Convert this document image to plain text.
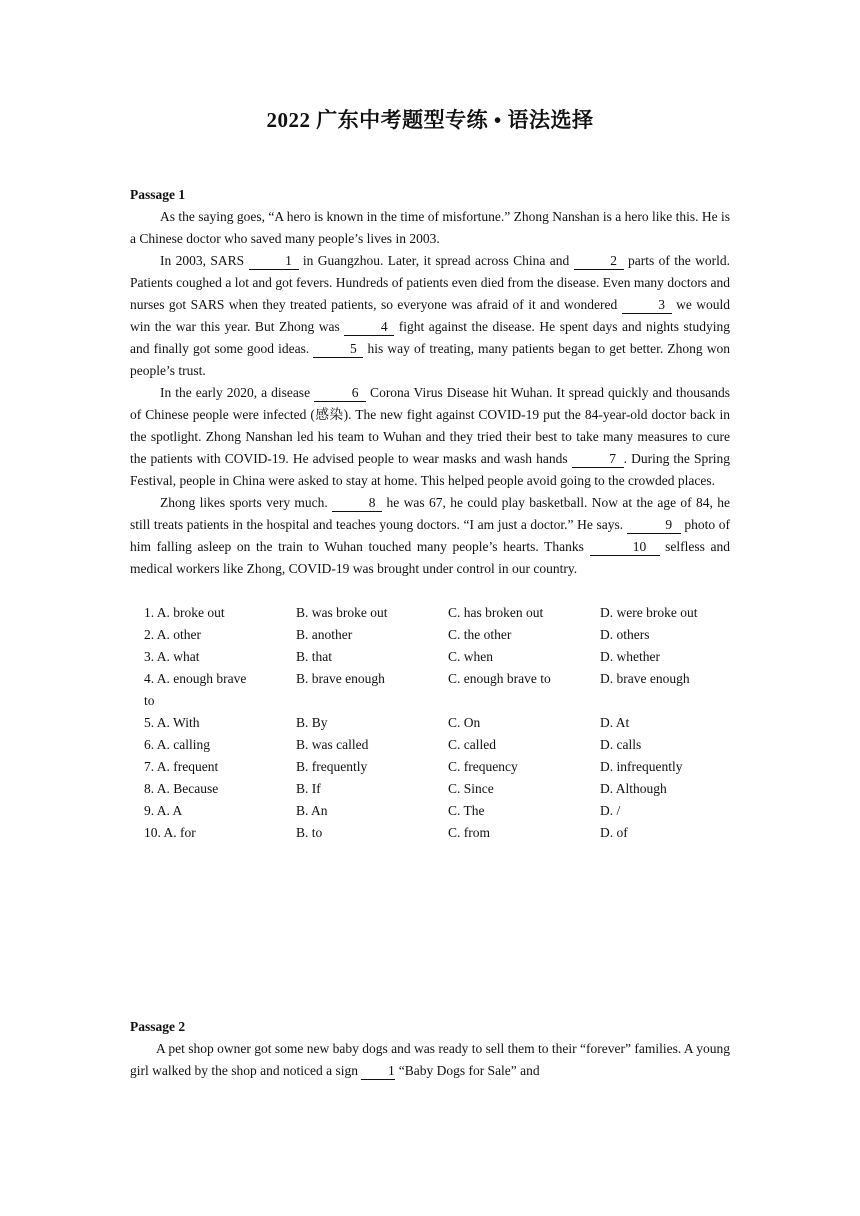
2022 广东中考题型专练 • 语法选择
Passage 1

As the saying goes, “A hero is known in the time of misfortune.” Zhong Nanshan is a hero like this. He is a Chinese doctor who saved many people’s lives in 2003.

In 2003, SARS	1 in Guangzhou. Later, it spread across China and	2 parts of the world. Patients coughed a lot and got fevers. Hundreds of patients even died from the disease. Even many doctors and nurses got SARS when they treated patients, so everyone was afraid of it and wondered	3 we would win the war this year. But Zhong was	4 fight against the disease. He spent days and nights studying and finally got some good ideas.	5 his way of treating, many patients began to get better. Zhong won people’s trust.

In the early 2020, a disease	6 Corona Virus Disease hit Wuhan. It spread quickly and thousands of Chinese people were infected (感染). The new fight against COVID-19 put the 84-year-old doctor back in the spotlight. Zhong Nanshan led his team to Wuhan and they tried their best to take many measures to cure the patients with COVID-19. He advised people to wear masks and wash hands	7 . During the Spring Festival, people in China were asked to stay at home. This helped people avoid going to the crowded places.

Zhong likes sports very much.	8 he was 67, he could play basketball. Now at the age of 84, he still treats patients in the hospital and teaches young doctors. “I am just a doctor.” He says.	9 photo of him falling asleep on the train to Wuhan touched many people’s hearts. Thanks	10 selfless and medical workers like Zhong, COVID-19 was brought under control in our country.

1. A. broke out	B. was broke out	C. has broken out	D. were broke out
2. A. other	B. another	C. the other	D. others
3. A. what	B. that	C. when	D. whether
4. A. enough brave	B. brave enough	C. enough brave to	D. brave enough
to
5. A. With	B. By	C. On	D. At
6. A. calling	B. was called	C. called	D. calls
7. A. frequent	B. frequently	C. frequency	D. infrequently
8. A. Because	B. If	C. Since	D. Although
9. A. A	B. An	C. The	D. /
10. A. for	B. to	C. from	D. of
Passage 2

A pet shop owner got some new baby dogs and was ready to sell them to their “forever” families. A young girl walked by the shop and noticed a sign 1 “Baby Dogs for Sale” and
